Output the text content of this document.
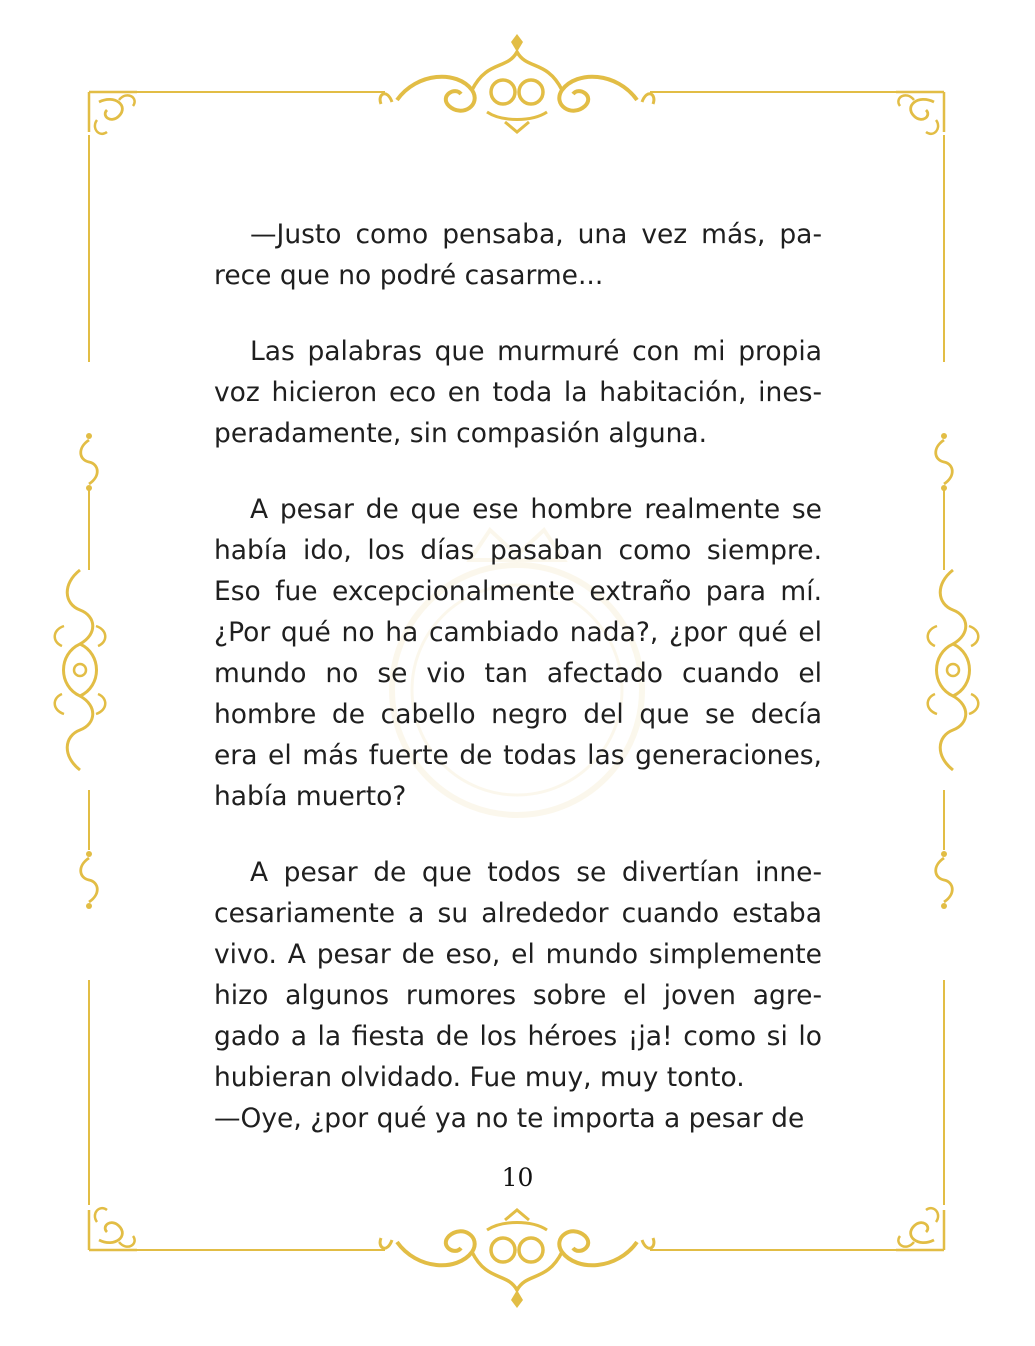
—Justo como pensaba, una vez más, parece que no podré casarme...

Las palabras que murmuré con mi propia voz hicieron eco en toda la habitación, inesperadamente, sin compasión alguna.

A pesar de que ese hombre realmente se había ido, los días pasaban como siempre. Eso fue excepcionalmente extraño para mí. ¿Por qué no ha cambiado nada?, ¿por qué el mundo no se vio tan afectado cuando el hombre de cabello negro del que se decía era el más fuerte de todas las generaciones, había muerto?

A pesar de que todos se divertían innecesariamente a su alrededor cuando estaba vivo. A pesar de eso, el mundo simplemente hizo algunos rumores sobre el joven agregado a la fiesta de los héroes ¡ja! como si lo hubieran olvidado. Fue muy, muy tonto.
—Oye, ¿por qué ya no te importa a pesar de

10
